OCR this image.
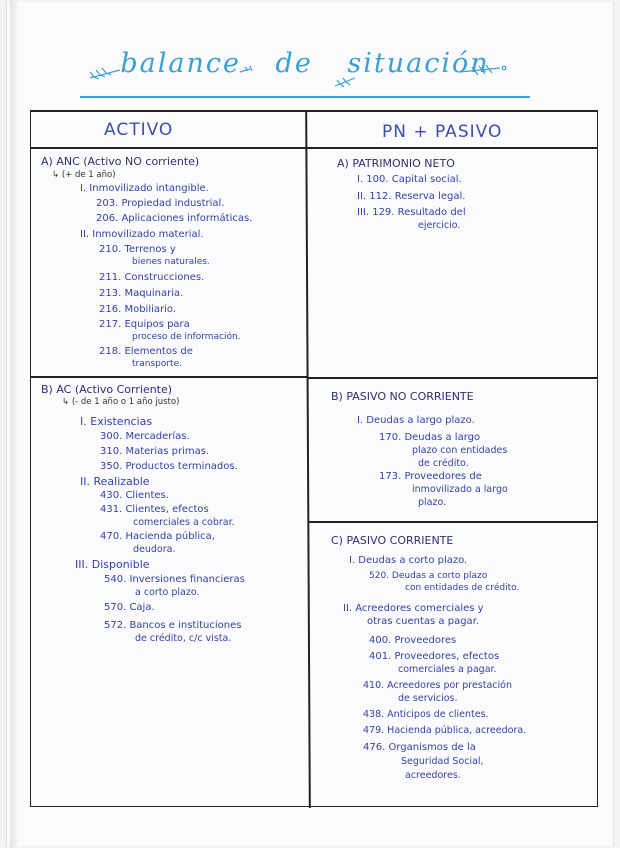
balance de situación
ACTIVO	PN + PASIVO
A) ANC (Activo NO corriente)
↳ (+ de 1 año)
I. Inmovilizado intangible.
203. Propiedad industrial.
206. Aplicaciones informáticas.
II. Inmovilizado material.
210. Terrenos y
bienes naturales.
211. Construcciones.
213. Maquinaria.
216. Mobiliario.
217. Equipos para
proceso de información.
218. Elementos de
transporte.
B) AC (Activo Corriente)
↳ (- de 1 año o 1 año justo)
I. Existencias
300. Mercaderías.
310. Materias primas.
350. Productos terminados.
II. Realizable
430. Clientes.
431. Clientes, efectos
comerciales a cobrar.
470. Hacienda pública,
deudora.
III. Disponible
540. Inversiones financieras
a corto plazo.
570. Caja.
572. Bancos e instituciones
de crédito, c/c vista.
A) PATRIMONIO NETO
I. 100. Capital social.
II. 112. Reserva legal.
III. 129. Resultado del
ejercicio.
B) PASIVO NO CORRIENTE
I. Deudas a largo plazo.
170. Deudas a largo
plazo con entidades
de crédito.
173. Proveedores de
inmovilizado a largo
plazo.
C) PASIVO CORRIENTE
I. Deudas a corto plazo.
520. Deudas a corto plazo
con entidades de crédito.
II. Acreedores comerciales y
otras cuentas a pagar.
400. Proveedores
401. Proveedores, efectos
comerciales a pagar.
410. Acreedores por prestación
de servicios.
438. Anticipos de clientes.
479. Hacienda pública, acreedora.
476. Organismos de la
Seguridad Social,
acreedores.
